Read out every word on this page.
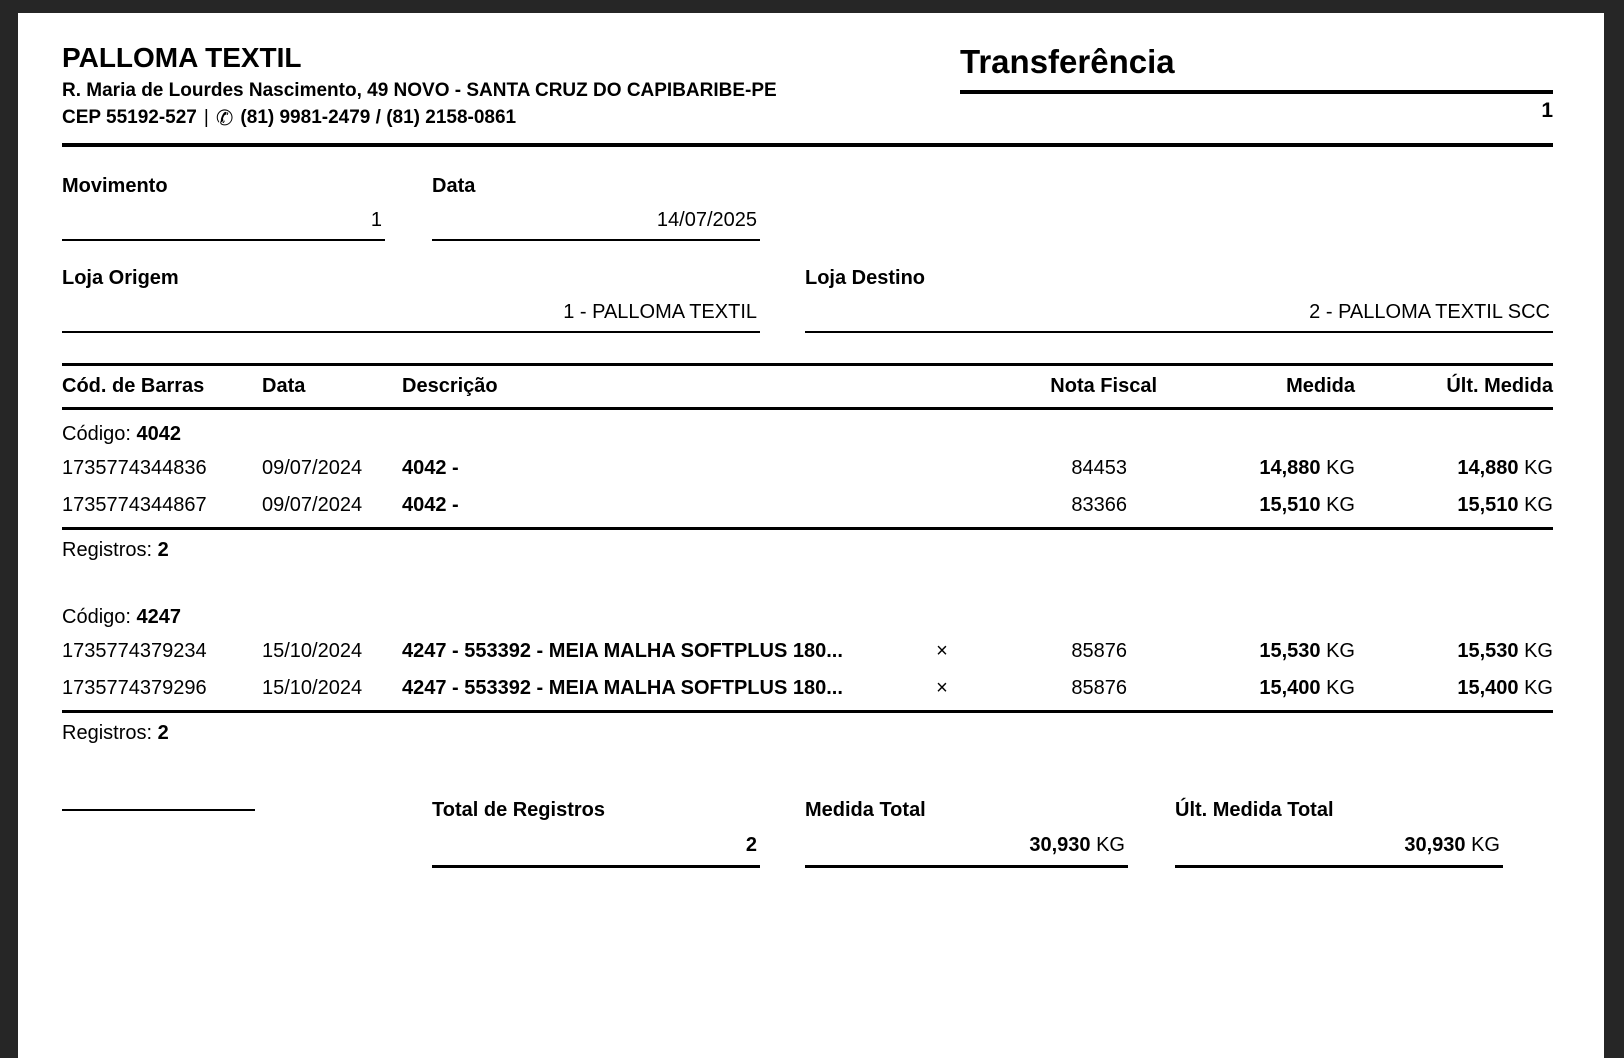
PALLOMA TEXTIL
R. Maria de Lourdes Nascimento, 49 NOVO - SANTA CRUZ DO CAPIBARIBE-PE
CEP 55192-527 | ✆ (81) 9981-2479 / (81) 2158-0861
Transferência
1
Movimento
1
Data
14/07/2025
Loja Origem
1 - PALLOMA TEXTIL
Loja Destino
2 - PALLOMA TEXTIL SCC
Cód. de Barras	Data	Descrição	Nota Fiscal	Medida	Últ. Medida
Código: 4042
1735774344836	09/07/2024	4042 -	84453	14,880 KG	14,880 KG
1735774344867	09/07/2024	4042 -	83366	15,510 KG	15,510 KG
Registros: 2
Código: 4247
1735774379234	15/10/2024	4247 - 553392 - MEIA MALHA SOFTPLUS 180...	×	85876	15,530 KG	15,530 KG
1735774379296	15/10/2024	4247 - 553392 - MEIA MALHA SOFTPLUS 180...	×	85876	15,400 KG	15,400 KG
Registros: 2
Total de Registros
2
Medida Total
30,930 KG
Últ. Medida Total
30,930 KG
